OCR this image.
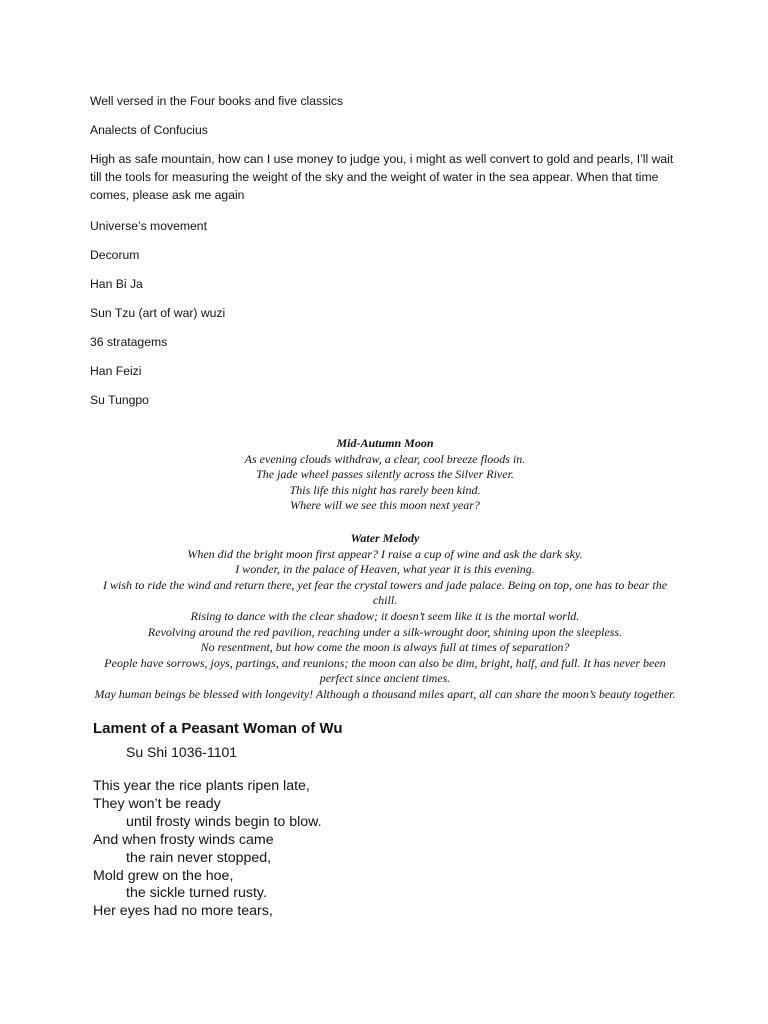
Well versed in the Four books and five classics
Analects of Confucius
High as safe mountain, how can I use money to judge you, i might as well convert to gold and pearls, I’ll wait till the tools for measuring the weight of the sky and the weight of water in the sea appear. When that time comes, please ask me again
Universe’s movement
Decorum
Han Bi Ja
Sun Tzu (art of war) wuzi
36 stratagems
Han Feizi
Su Tungpo
Mid-Autumn Moon
As evening clouds withdraw, a clear, cool breeze floods in.
The jade wheel passes silently across the Silver River.
This life this night has rarely been kind.
Where will we see this moon next year?
Water Melody
When did the bright moon first appear? I raise a cup of wine and ask the dark sky.
I wonder, in the palace of Heaven, what year it is this evening.
I wish to ride the wind and return there, yet fear the crystal towers and jade palace. Being on top, one has to bear the chill.
Rising to dance with the clear shadow; it doesn’t seem like it is the mortal world.
Revolving around the red pavilion, reaching under a silk-wrought door, shining upon the sleepless.
No resentment, but how come the moon is always full at times of separation?
People have sorrows, joys, partings, and reunions; the moon can also be dim, bright, half, and full. It has never been perfect since ancient times.
May human beings be blessed with longevity! Although a thousand miles apart, all can share the moon’s beauty together.
Lament of a Peasant Woman of Wu
Su Shi 1036-1101
This year the rice plants ripen late,
They won’t be ready
until frosty winds begin to blow.
And when frosty winds came
the rain never stopped,
Mold grew on the hoe,
the sickle turned rusty.
Her eyes had no more tears,
